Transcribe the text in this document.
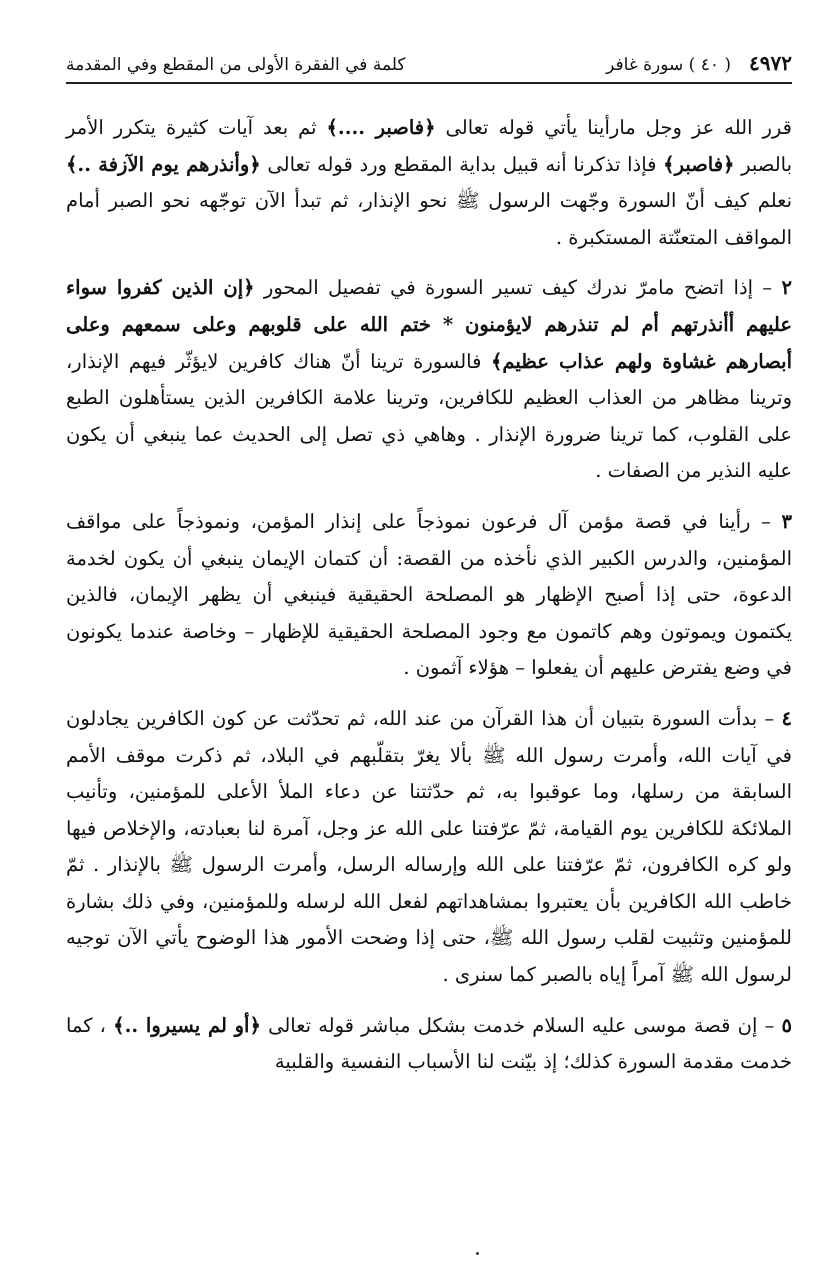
٤٩٧٢
( ٤٠ ) سورة غافر
كلمة في الفقرة الأولى من المقطع وفي المقدمة

قرر الله عز وجل مارأينا يأتي قوله تعالى ﴿فاصبر ....﴾ ثم بعد آيات كثيرة يتكرر الأمر بالصبر ﴿فاصبر﴾ فإذا تذكرنا أنه قبيل بداية المقطع ورد قوله تعالى ﴿وأنذرهم يوم الآزفة ..﴾ نعلم كيف أنّ السورة وجّهت الرسول ﷺ نحو الإنذار، ثم تبدأ الآن توجّهه نحو الصبر أمام المواقف المتعنّتة المستكبرة .

٢ – إذا اتضح مامرّ ندرك كيف تسير السورة في تفصيل المحور ﴿إن الذين كفروا سواء عليهم أأنذرتهم أم لم تنذرهم لايؤمنون * ختم الله على قلوبهم وعلى سمعهم وعلى أبصارهم غشاوة ولهم عذاب عظيم﴾ فالسورة ترينا أنّ هناك كافرين لايؤثّر فيهم الإنذار، وترينا مظاهر من العذاب العظيم للكافرين، وترينا علامة الكافرين الذين يستأهلون الطبع على القلوب، كما ترينا ضرورة الإنذار . وهاهي ذي تصل إلى الحديث عما ينبغي أن يكون عليه النذير من الصفات .

٣ – رأينا في قصة مؤمن آل فرعون نموذجاً على إنذار المؤمن، ونموذجاً على مواقف المؤمنين، والدرس الكبير الذي نأخذه من القصة: أن كتمان الإيمان ينبغي أن يكون لخدمة الدعوة، حتى إذا أصبح الإظهار هو المصلحة الحقيقية فينبغي أن يظهر الإيمان، فالذين يكتمون ويموتون وهم كاتمون مع وجود المصلحة الحقيقية للإظهار – وخاصة عندما يكونون في وضع يفترض عليهم أن يفعلوا – هؤلاء آثمون .

٤ – بدأت السورة بتبيان أن هذا القرآن من عند الله، ثم تحدّثت عن كون الكافرين يجادلون في آيات الله، وأمرت رسول الله ﷺ بألا يغرّ بتقلّبهم في البلاد، ثم ذكرت موقف الأمم السابقة من رسلها، وما عوقبوا به، ثم حدّثتنا عن دعاء الملأ الأعلى للمؤمنين، وتأنيب الملائكة للكافرين يوم القيامة، ثمّ عرّفتنا على الله عز وجل، آمرة لنا بعبادته، والإخلاص فيها ولو كره الكافرون، ثمّ عرّفتنا على الله وإرساله الرسل، وأمرت الرسول ﷺ بالإنذار . ثمّ خاطب الله الكافرين بأن يعتبروا بمشاهداتهم لفعل الله لرسله وللمؤمنين، وفي ذلك بشارة للمؤمنين وتثبيت لقلب رسول الله ﷺ، حتى إذا وضحت الأمور هذا الوضوح يأتي الآن توجيه لرسول الله ﷺ آمراً إياه بالصبر كما سنرى .

٥ – إن قصة موسى عليه السلام خدمت بشكل مباشر قوله تعالى ﴿أو لم يسيروا ..﴾ ، كما خدمت مقدمة السورة كذلك؛ إذ بيّنت لنا الأسباب النفسية والقلبية
